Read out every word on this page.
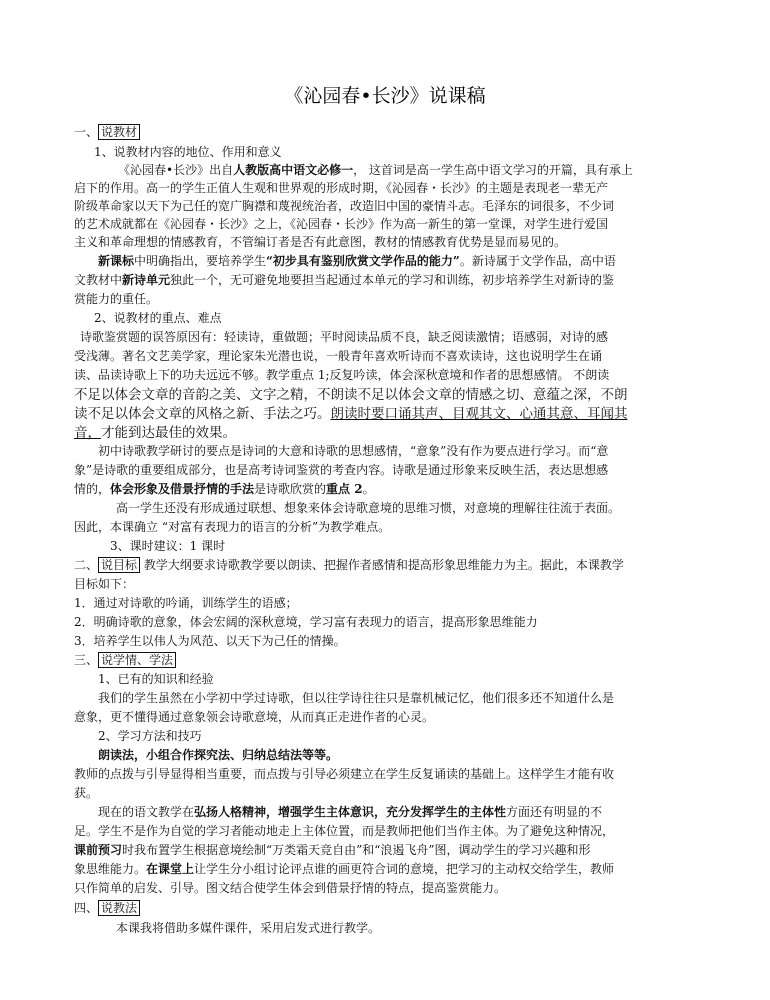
《沁园春•长沙》说课稿
一、 说教材
1、说教材内容的地位、作用和意义
《沁园春•长沙》出自人教版高中语文必修一， 这首词是高一学生高中语文学习的开篇，具有承上
启下的作用。高一的学生正值人生观和世界观的形成时期，《沁园春・长沙》的主题是表现老一辈无产
阶级革命家以天下为己任的宽广胸襟和蔑视统治者，改造旧中国的豪情斗志。毛泽东的词很多，不少词
的艺术成就都在《沁园春・长沙》之上，《沁园春・长沙》作为高一新生的第一堂课，对学生进行爱国
主义和革命理想的情感教育，不管编订者是否有此意图，教材的情感教育优势是显而易见的。
新课标中明确指出，要培养学生“初步具有鉴别欣赏文学作品的能力”。新诗属于文学作品，高中语
文教材中新诗单元独此一个，无可避免地要担当起通过本单元的学习和训练，初步培养学生对新诗的鉴
赏能力的重任。
2、说教材的重点、难点
诗歌鉴赏题的误答原因有：轻读诗，重做题；平时阅读品质不良，缺乏阅读激情；语感弱，对诗的感
受浅薄。著名文艺美学家，理论家朱光潜也说，一般青年喜欢听诗而不喜欢读诗，这也说明学生在诵
读、品读诗歌上下的功夫远远不够。教学重点 1;反复吟读，体会深秋意境和作者的思想感情。 不朗读
不足以体会文章的音韵之美、文字之精，不朗读不足以体会文章的情感之切、意蕴之深，不朗
读不足以体会文章的风格之新、手法之巧。朗读时要口诵其声、目观其文、心通其意、耳闻其
音，才能到达最佳的效果。
初中诗歌教学研讨的要点是诗词的大意和诗歌的思想感情，“意象”没有作为要点进行学习。而“意
象”是诗歌的重要组成部分，也是高考诗词鉴赏的考查内容。诗歌是通过形象来反映生活，表达思想感
情的，体会形象及借景抒情的手法是诗歌欣赏的重点 2。
高一学生还没有形成通过联想、想象来体会诗歌意境的思维习惯，对意境的理解往往流于表面。
因此，本课确立 “对富有表现力的语言的分析”为教学难点。
3、课时建议：1 课时
二、 说目标 教学大纲要求诗歌教学要以朗读、把握作者感情和提高形象思维能力为主。据此，本课教学
目标如下：
1．通过对诗歌的吟诵，训练学生的语感；
2．明确诗歌的意象，体会宏阔的深秋意境，学习富有表现力的语言，提高形象思维能力
3．培养学生以伟人为风范、以天下为己任的情操。
三、 说学情、学法
1、已有的知识和经验
我们的学生虽然在小学初中学过诗歌，但以往学诗往往只是靠机械记忆，他们很多还不知道什么是
意象，更不懂得通过意象领会诗歌意境，从而真正走进作者的心灵。
2、学习方法和技巧
朗读法，小组合作探究法、归纳总结法等等。
教师的点拨与引导显得相当重要，而点拨与引导必须建立在学生反复诵读的基础上。这样学生才能有收
获。
现在的语文教学在弘扬人格精神，增强学生主体意识，充分发挥学生的主体性方面还有明显的不
足。学生不是作为自觉的学习者能动地走上主体位置，而是教师把他们当作主体。为了避免这种情况，
课前预习时我布置学生根据意境绘制“万类霜天竞自由”和“浪遏飞舟”图，调动学生的学习兴趣和形
象思维能力。在课堂上让学生分小组讨论评点谁的画更符合词的意境，把学习的主动权交给学生，教师
只作简单的启发、引导。图文结合使学生体会到借景抒情的特点，提高鉴赏能力。
四、 说教法
本课我将借助多媒件课件，采用启发式进行教学。
